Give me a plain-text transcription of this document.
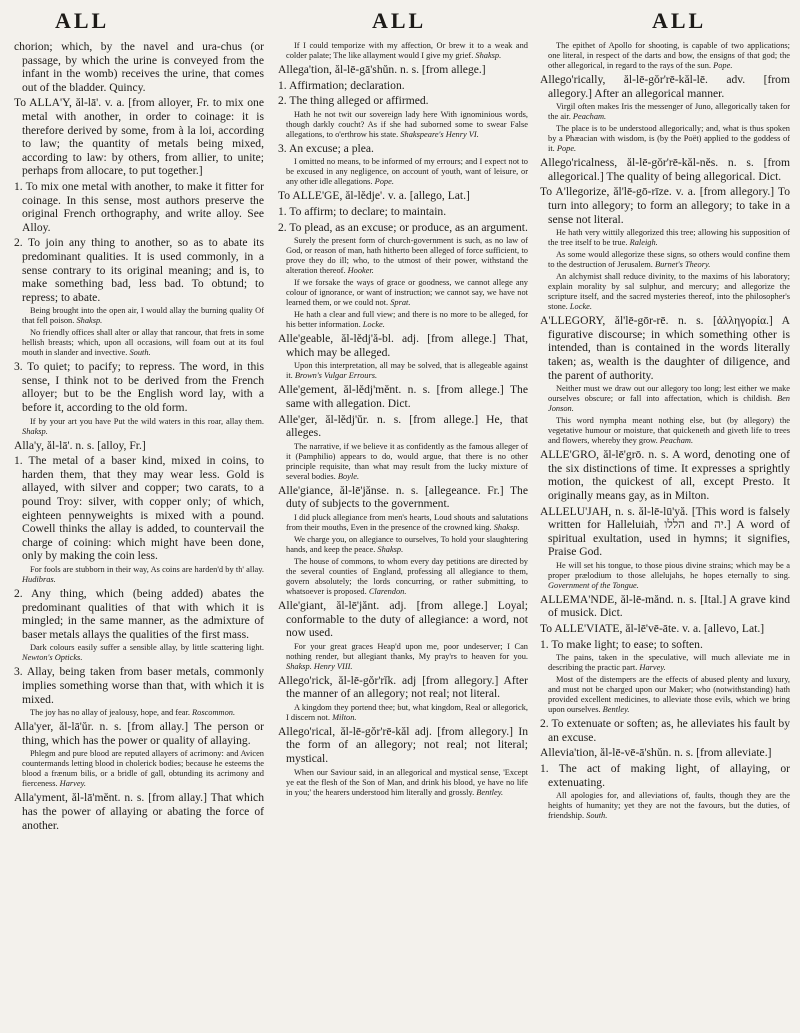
ALL	ALL	ALL
chorion; which, by the navel and ura-chus (or passage, by which the urine is conveyed from the infant in the womb) receives the urine, that comes out of the bladder. Quincy.
To ALLA'Y, ăl-lā'. v. a. [from alloyer, Fr. to mix one metal with another, in order to coinage: it is therefore derived by some, from à la loi, according to law; the quantity of metals being mixed, according to law: by others, from allier, to unite; perhaps from allocare, to put together.]
1. To mix one metal with another, to make it fitter for coinage. In this sense, most authors preserve the original French orthography, and write alloy. See Alloy.
2. To join any thing to another, so as to abate its predominant qualities. It is used commonly, in a sense contrary to its original meaning; and is, to make something bad, less bad. To obtund; to repress; to abate.
Being brought into the open air, I would allay the burning quality Of that fell poison. Shaksp.
No friendly offices shall alter or allay that rancour, that frets in some hellish breasts; which, upon all occasions, will foam out at its foul mouth in slander and invective. South.
3. To quiet; to pacify; to repress. The word, in this sense, I think not to be derived from the French alloyer; but to be the English word lay, with a before it, according to the old form.
If by your art you have Put the wild waters in this roar, allay them. Shaksp.
Alla'y, ăl-lā'. n. s. [alloy, Fr.]
1. The metal of a baser kind, mixed in coins, to harden them, that they may wear less. Gold is allayed, with silver and copper; two carats, to a pound Troy: silver, with copper only; of which, eighteen pennyweights is mixed with a pound. Cowell thinks the allay is added, to countervail the charge of coining: which might have been done, only by making the coin less.
For fools are stubborn in their way, As coins are harden'd by th' allay. Hudibras.
2. Any thing, which (being added) abates the predominant qualities of that with which it is mingled; in the same manner, as the admixture of baser metals allays the qualities of the first mass.
Dark colours easily suffer a sensible allay, by little scattering light. Newton's Opticks.
3. Allay, being taken from baser metals, commonly implies something worse than that, with which it is mixed.
The joy has no allay of jealousy, hope, and fear. Roscommon.
Alla'yer, ăl-lā'ŭr. n. s. [from allay.] The person or thing, which has the power or quality of allaying.
Phlegm and pure blood are reputed allayers of acrimony: and Avicen countermands letting blood in cholerick bodies; because he esteems the blood a frænum bilis, or a bridle of gall, obtunding its acrimony and fierceness. Harvey.
Alla'yment, ăl-lā'mĕnt. n. s. [from allay.] That which has the power of allaying or abating the force of another.
If I could temporize with my affection, Or brew it to a weak and colder palate; The like allayment would I give my grief. Shaksp.
Allega'tion, ăl-lē-gā'shŭn. n. s. [from allege.]
1. Affirmation; declaration.
2. The thing alleged or affirmed.
Hath he not twit our sovereign lady here With ignominious words, though darkly coucht? As if she had suborned some to swear False allegations, to o'erthrow his state. Shakspeare's Henry VI.
3. An excuse; a plea.
I omitted no means, to be informed of my errours; and I expect not to be excused in any negligence, on account of youth, want of leisure, or any other idle allegations. Pope.
To ALLE'GE, ăl-lĕdje'. v. a. [allego, Lat.]
1. To affirm; to declare; to maintain.
2. To plead, as an excuse; or produce, as an argument.
Surely the present form of church-government is such, as no law of God, or reason of man, hath hitherto been alleged of force sufficient, to prove they do ill; who, to the utmost of their power, withstand the alteration thereof. Hooker.
If we forsake the ways of grace or goodness, we cannot allege any colour of ignorance, or want of instruction; we cannot say, we have not learned them, or we could not. Sprat.
He hath a clear and full view; and there is no more to be alleged, for his better information. Locke.
Alle'geable, ăl-lĕdj'ă-bl. adj. [from allege.] That, which may be alleged.
Upon this interpretation, all may be solved, that is allegeable against it. Brown's Vulgar Errours.
Alle'gement, ăl-lĕdj'mĕnt. n. s. [from allege.] The same with allegation. Dict.
Alle'ger, ăl-lĕdj'ŭr. n. s. [from allege.] He, that alleges.
The narrative, if we believe it as confidently as the famous alleger of it (Pamphilio) appears to do, would argue, that there is no other principle requisite, than what may result from the lucky mixture of several bodies. Boyle.
Alle'giance, ăl-lē'jănse. n. s. [allegeance. Fr.] The duty of subjects to the government.
I did pluck allegiance from men's hearts, Loud shouts and salutations from their mouths, Even in the presence of the crowned king. Shaksp.
We charge you, on allegiance to ourselves, To hold your slaughtering hands, and keep the peace. Shaksp.
The house of commons, to whom every day petitions are directed by the several counties of England, professing all allegiance to them, govern absolutely; the lords concurring, or rather submitting, to whatsoever is proposed. Clarendon.
Alle'giant, ăl-lē'jănt. adj. [from allege.] Loyal; conformable to the duty of allegiance: a word, not now used.
For your great graces Heap'd upon me, poor undeserver; I Can nothing render, but allegiant thanks, My pray'rs to heaven for you. Shaksp. Henry VIII.
Allego'rick, ăl-lē-gŏr'rĭk. adj [from allegory.] After the manner of an allegory; not real; not literal.
A kingdom they portend thee; but, what kingdom, Real or allegorick, I discern not. Milton.
Allego'rical, ăl-lē-gŏr'rē-kăl adj. [from allegory.] In the form of an allegory; not real; not literal; mystical.
When our Saviour said, in an allegorical and mystical sense, 'Except ye eat the flesh of the Son of Man, and drink his blood, ye have no life in you;' the hearers understood him literally and grossly. Bentley.
The epithet of Apollo for shooting, is capable of two applications; one literal, in respect of the darts and bow, the ensigns of that god; the other allegorical, in regard to the rays of the sun. Pope.
Allego'rically, ăl-lē-gŏr'rē-kăl-lē. adv. [from allegory.] After an allegorical manner.
Virgil often makes Iris the messenger of Juno, allegorically taken for the air. Peacham.
The place is to be understood allegorically; and, what is thus spoken by a Phæacian with wisdom, is (by the Poët) applied to the goddess of it. Pope.
Allego'ricalness, ăl-lē-gŏr'rē-kăl-nĕs. n. s. [from allegorical.] The quality of being allegorical. Dict.
To A'llegorize, ăl'lē-gō-rīze. v. a. [from allegory.] To turn into allegory; to form an allegory; to take in a sense not literal.
He hath very wittily allegorized this tree; allowing his supposition of the tree itself to be true. Raleigh.
As some would allegorize these signs, so others would confine them to the destruction of Jerusalem. Burnet's Theory.
An alchymist shall reduce divinity, to the maxims of his laboratory; explain morality by sal sulphur, and mercury; and allegorize the scripture itself, and the sacred mysteries thereof, into the philosopher's stone. Locke.
A'LLEGORY, ăl'lē-gōr-rē. n. s. [ἀλληγορία.] A figurative discourse; in which something other is intended, than is contained in the words literally taken; as, wealth is the daughter of diligence, and the parent of authority.
Neither must we draw out our allegory too long; lest either we make ourselves obscure; or fall into affectation, which is childish. Ben Jonson.
This word nympha meant nothing else, but (by allegory) the vegetative humour or moisture, that quickeneth and giveth life to trees and flowers, whereby they grow. Peacham.
ALLE'GRO, ăl-lē'grō. n. s. A word, denoting one of the six distinctions of time. It expresses a sprightly motion, the quickest of all, except Presto. It originally means gay, as in Milton.
ALLELU'JAH, n. s. ăl-lē-lū'yă. [This word is falsely written for Halleluiah, הללו and יה.] A word of spiritual exultation, used in hymns; it signifies, Praise God.
He will set his tongue, to those pious divine strains; which may be a proper prælodium to those allelujahs, he hopes eternally to sing. Government of the Tongue.
ALLEMA'NDE, ăl-lē-mănd. n. s. [Ital.] A grave kind of musick. Dict.
To ALLE'VIATE, ăl-lē'vē-āte. v. a. [allevo, Lat.]
1. To make light; to ease; to soften.
The pains, taken in the speculative, will much alleviate me in describing the practic part. Harvey.
Most of the distempers are the effects of abused plenty and luxury, and must not be charged upon our Maker; who (notwithstanding) hath provided excellent medicines, to alleviate those evils, which we bring upon ourselves. Bentley.
2. To extenuate or soften; as, he alleviates his fault by an excuse.
Allevia'tion, ăl-lē-vē-ā'shŭn. n. s. [from alleviate.]
1. The act of making light, of allaying, or extenuating.
All apologies for, and alleviations of, faults, though they are the heights of humanity; yet they are not the favours, but the duties, of friendship. South.
